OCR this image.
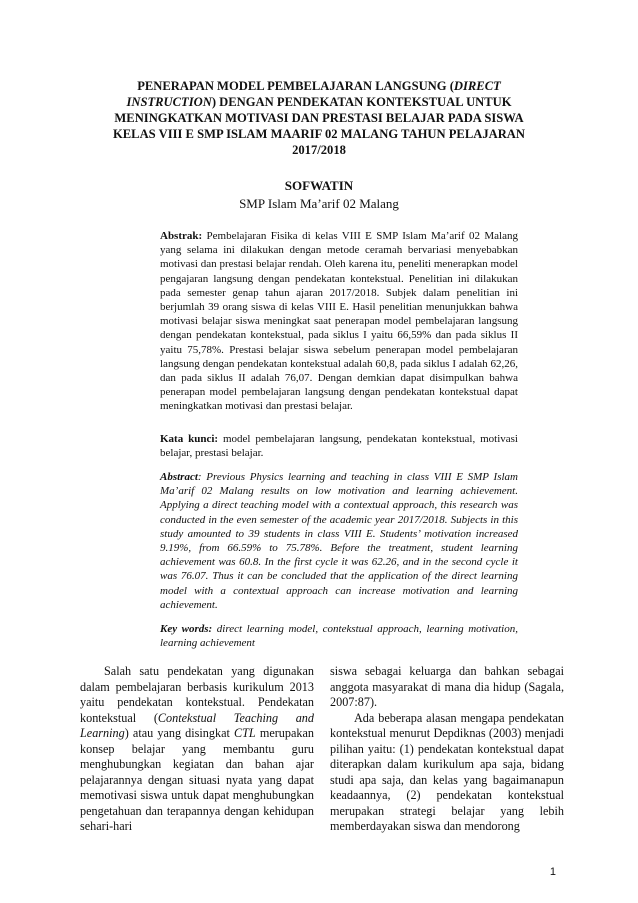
PENERAPAN MODEL PEMBELAJARAN LANGSUNG (DIRECT INSTRUCTION) DENGAN PENDEKATAN KONTEKSTUAL UNTUK MENINGKATKAN MOTIVASI DAN PRESTASI BELAJAR PADA SISWA KELAS VIII E SMP ISLAM MAARIF 02 MALANG TAHUN PELAJARAN 2017/2018
SOFWATIN
SMP Islam Ma’arif 02 Malang
Abstrak: Pembelajaran Fisika di kelas VIII E SMP Islam Ma’arif 02 Malang yang selama ini dilakukan dengan metode ceramah bervariasi menyebabkan motivasi dan prestasi belajar rendah. Oleh karena itu, peneliti menerapkan model pengajaran langsung dengan pendekatan kontekstual. Penelitian ini dilakukan pada semester genap tahun ajaran 2017/2018. Subjek dalam penelitian ini berjumlah 39 orang siswa di kelas VIII E. Hasil penelitian menunjukkan bahwa motivasi belajar siswa meningkat saat penerapan model pembelajaran langsung dengan pendekatan kontekstual, pada siklus I yaitu 66,59% dan pada siklus II yaitu 75,78%. Prestasi belajar siswa sebelum penerapan model pembelajaran langsung dengan pendekatan kontekstual adalah 60,8, pada siklus I adalah 62,26, dan pada siklus II adalah 76,07. Dengan demkian dapat disimpulkan bahwa penerapan model pembelajaran langsung dengan pendekatan kontekstual dapat meningkatkan motivasi dan prestasi belajar.
Kata kunci: model pembelajaran langsung, pendekatan kontekstual, motivasi belajar, prestasi belajar.
Abstract: Previous Physics learning and teaching in class VIII E SMP Islam Ma’arif 02 Malang results on low motivation and learning achievement. Applying a direct teaching model with a contextual approach, this research was conducted in the even semester of the academic year 2017/2018. Subjects in this study amounted to 39 students in class VIII E. Students’ motivation increased 9.19%, from 66.59% to 75.78%. Before the treatment, student learning achievement was 60.8. In the first cycle it was 62.26, and in the second cycle it was 76.07. Thus it can be concluded that the application of the direct learning model with a contextual approach can increase motivation and learning achievement.
Key words: direct learning model, contekstual approach, learning motivation, learning achievement

Salah satu pendekatan yang digunakan dalam pembelajaran berbasis kurikulum 2013 yaitu pendekatan kontekstual. Pendekatan kontekstual (Contekstual Teaching and Learning) atau yang disingkat CTL merupakan konsep belajar yang membantu guru menghubungkan kegiatan dan bahan ajar pelajarannya dengan situasi nyata yang dapat memotivasi siswa untuk dapat menghubungkan pengetahuan dan terapannya dengan kehidupan sehari-hari

siswa sebagai keluarga dan bahkan sebagai anggota masyarakat di mana dia hidup (Sagala, 2007:87).

Ada beberapa alasan mengapa pendekatan kontekstual menurut Depdiknas (2003) menjadi pilihan yaitu: (1) pendekatan kontekstual dapat diterapkan dalam kurikulum apa saja, bidang studi apa saja, dan kelas yang bagaimanapun keadaannya, (2) pendekatan kontekstual merupakan strategi belajar yang lebih memberdayakan siswa dan mendorong

1
